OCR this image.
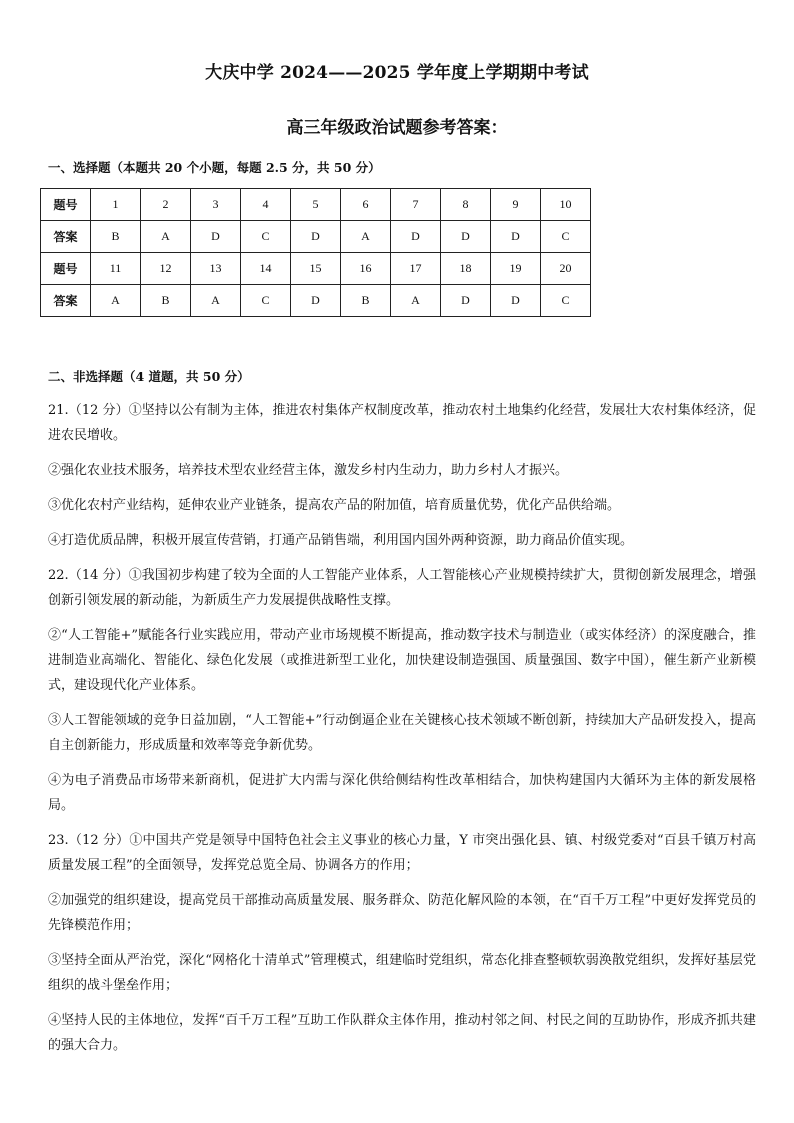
大庆中学 2024——2025 学年度上学期期中考试
高三年级政治试题参考答案：
一、选择题（本题共 20 个小题，每题 2.5 分，共 50 分）
题号	1	2	3	4	5	6	7	8	9	10
答案	B	A	D	C	D	A	D	D	D	C
题号	11	12	13	14	15	16	17	18	19	20
答案	A	B	A	C	D	B	A	D	D	C
二、非选择题（4 道题，共 50 分）

21.（12 分）①坚持以公有制为主体，推进农村集体产权制度改革，推动农村土地集约化经营，发展壮大农村集体经济，促进农民增收。

②强化农业技术服务，培养技术型农业经营主体，激发乡村内生动力，助力乡村人才振兴。

③优化农村产业结构，延伸农业产业链条，提高农产品的附加值，培育质量优势，优化产品供给端。

④打造优质品牌，积极开展宣传营销，打通产品销售端，利用国内国外两种资源，助力商品价值实现。

22.（14 分）①我国初步构建了较为全面的人工智能产业体系，人工智能核心产业规模持续扩大，贯彻创新发展理念，增强创新引领发展的新动能，为新质生产力发展提供战略性支撑。

②“人工智能+”赋能各行业实践应用，带动产业市场规模不断提高，推动数字技术与制造业（或实体经济）的深度融合，推进制造业高端化、智能化、绿色化发展（或推进新型工业化，加快建设制造强国、质量强国、数字中国），催生新产业新模式，建设现代化产业体系。

③人工智能领域的竞争日益加剧，“人工智能+”行动倒逼企业在关键核心技术领域不断创新，持续加大产品研发投入，提高自主创新能力，形成质量和效率等竞争新优势。

④为电子消费品市场带来新商机，促进扩大内需与深化供给侧结构性改革相结合，加快构建国内大循环为主体的新发展格局。

23.（12 分）①中国共产党是领导中国特色社会主义事业的核心力量，Y 市突出强化县、镇、村级党委对“百县千镇万村高质量发展工程”的全面领导，发挥党总览全局、协调各方的作用；

②加强党的组织建设，提高党员干部推动高质量发展、服务群众、防范化解风险的本领，在“百千万工程”中更好发挥党员的先锋模范作用；

③坚持全面从严治党，深化“网格化十清单式”管理模式，组建临时党组织，常态化排查整顿软弱涣散党组织，发挥好基层党组织的战斗堡垒作用；

④坚持人民的主体地位，发挥“百千万工程”互助工作队群众主体作用，推动村邻之间、村民之间的互助协作，形成齐抓共建的强大合力。
